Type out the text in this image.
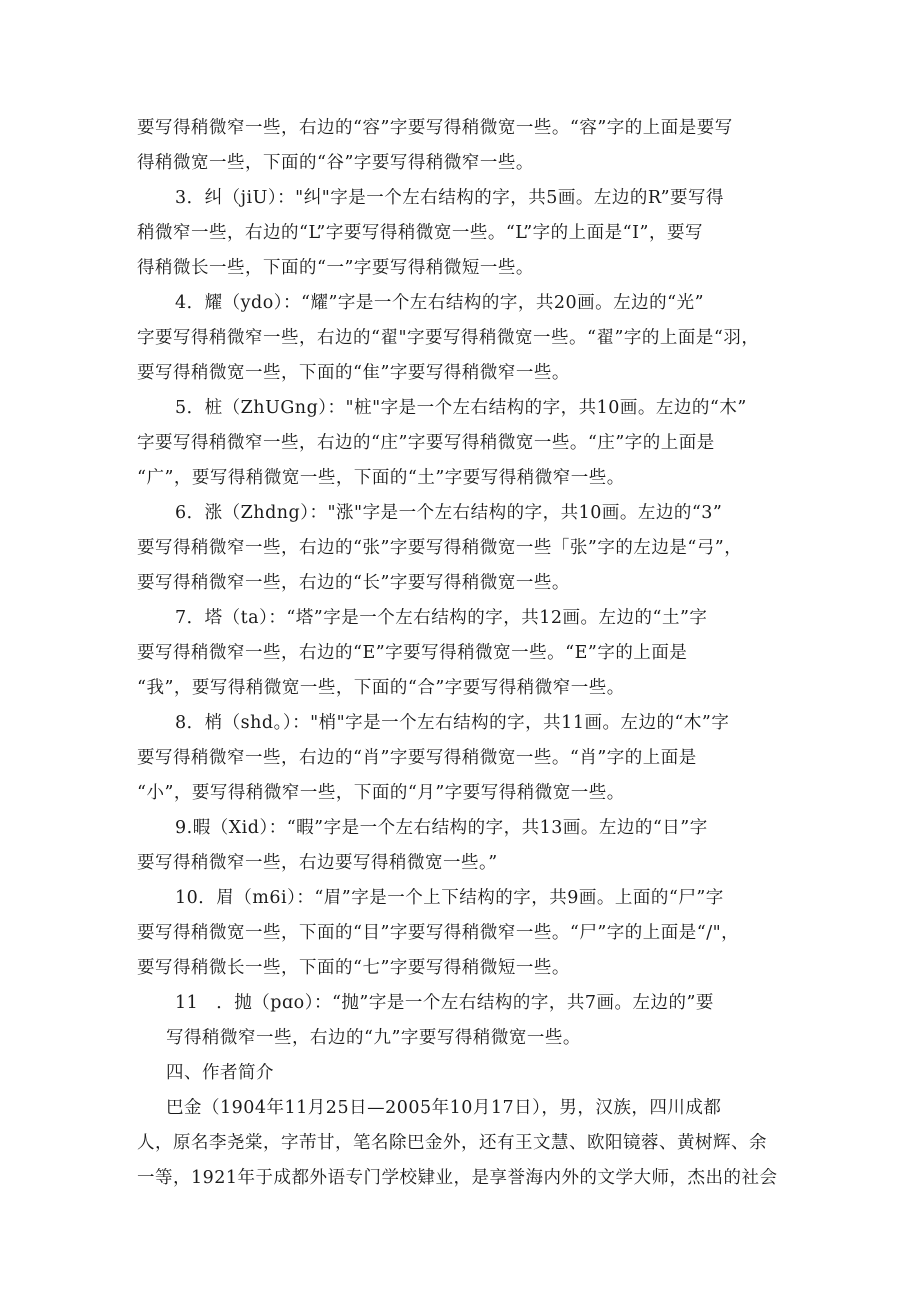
要写得稍微窄一些，右边的“容”字要写得稍微宽一些。“容”字的上面是要写
得稍微宽一些，下面的“谷”字要写得稍微窄一些。
3．纠（jiU）："纠"字是一个左右结构的字，共5画。左边的R”要写得
稍微窄一些，右边的“L”字要写得稍微宽一些。“L”字的上面是“I”，要写
得稍微长一些，下面的“一”字要写得稍微短一些。
4．耀（ydo）：“耀”字是一个左右结构的字，共20画。左边的“光”
字要写得稍微窄一些，右边的“翟"字要写得稍微宽一些。“翟”字的上面是“羽，
要写得稍微宽一些，下面的“隹”字要写得稍微窄一些。
5．桩（ZhUGng）："桩"字是一个左右结构的字，共10画。左边的“木”
字要写得稍微窄一些，右边的“庄”字要写得稍微宽一些。“庄”字的上面是
“广”，要写得稍微宽一些，下面的“土”字要写得稍微窄一些。
6．涨（Zhdng）："涨"字是一个左右结构的字，共10画。左边的“3”
要写得稍微窄一些，右边的“张”字要写得稍微宽一些「张”字的左边是“弓”，
要写得稍微窄一些，右边的“长”字要写得稍微宽一些。
7．塔（ta）：“塔”字是一个左右结构的字，共12画。左边的“土”字
要写得稍微窄一些，右边的“E”字要写得稍微宽一些。“E”字的上面是
“我”，要写得稍微宽一些，下面的“合”字要写得稍微窄一些。
8．梢（shd。）："梢"字是一个左右结构的字，共11画。左边的“木”字
要写得稍微窄一些，右边的“肖”字要写得稍微宽一些。“肖”字的上面是
“小”，要写得稍微窄一些，下面的“月”字要写得稍微宽一些。
9.暇（Xid）：“暇”字是一个左右结构的字，共13画。左边的“日”字
要写得稍微窄一些，右边要写得稍微宽一些。”
10．眉（m6i）：“眉”字是一个上下结构的字，共9画。上面的“尸”字
要写得稍微宽一些，下面的“目”字要写得稍微窄一些。“尸”字的上面是“/"，
要写得稍微长一些，下面的“七”字要写得稍微短一些。
11　．抛（pɑo）：“抛”字是一个左右结构的字，共7画。左边的”要
写得稍微窄一些，右边的“九”字要写得稍微宽一些。
四、作者简介
巴金（1904年11月25日—2005年10月17日），男，汉族，四川成都
人，原名李尧棠，字芾甘，笔名除巴金外，还有王文慧、欧阳镜蓉、黄树辉、余
一等，1921年于成都外语专门学校肄业，是享誉海内外的文学大师，杰出的社会
